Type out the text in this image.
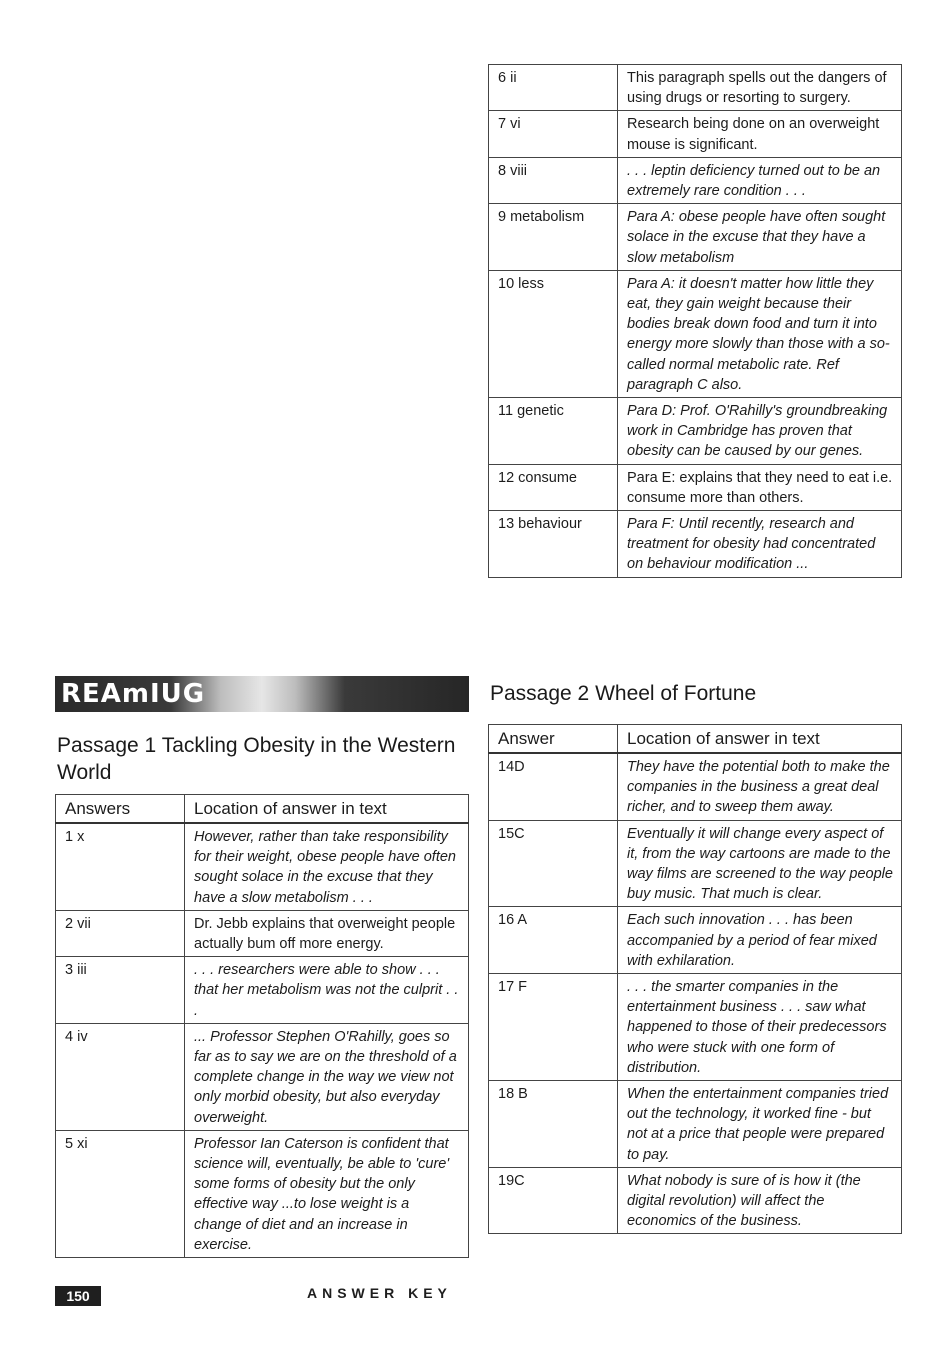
6 ii	This paragraph spells out the dangers of using drugs or resorting to surgery.
7 vi	Research being done on an overweight mouse is significant.
8 viii	. . . leptin deficiency turned out to be an extremely rare condition . . .
9 metabolism	Para A: obese people have often sought solace in the excuse that they have a slow metabolism
10 less	Para A: it doesn't matter how little they eat, they gain weight because their bodies break down food and turn it into energy more slowly than those with a so-called normal metabolic rate. Ref paragraph C also.
11 genetic	Para D: Prof. O'Rahilly's groundbreaking work in Cambridge has proven that obesity can be caused by our genes.
12 consume	Para E: explains that they need to eat i.e. consume more than others.
13 behaviour	Para F: Until recently, research and treatment for obesity had concentrated on behaviour modification ...
REAmIUG
Passage 1 Tackling Obesity in the Western World
Answers	Location of answer in text
1 x	However, rather than take responsibility for their weight, obese people have often sought solace in the excuse that they have a slow metabolism . . .
2 vii	Dr. Jebb explains that overweight people actually bum off more energy.
3 iii	. . . researchers were able to show . . . that her metabolism was not the culprit . . .
4 iv	... Professor Stephen O'Rahilly, goes so far as to say we are on the threshold of a complete change in the way we view not only morbid obesity, but also everyday overweight.
5 xi	Professor Ian Caterson is confident that science will, eventually, be able to 'cure' some forms of obesity but the only effective way ...to lose weight is a change of diet and an increase in exercise.
Passage 2 Wheel of Fortune
Answer	Location of answer in text
14D	They have the potential both to make the companies in the business a great deal richer, and to sweep them away.
15C	Eventually it will change every aspect of it, from the way cartoons are made to the way films are screened to the way people buy music. That much is clear.
16 A	Each such innovation . . . has been accompanied by a period of fear mixed with exhilaration.
17 F	. . . the smarter companies in the entertainment business . . . saw what happened to those of their predecessors who were stuck with one form of distribution.
18 B	When the entertainment companies tried out the technology, it worked fine - but not at a price that people were prepared to pay.
19C	What nobody is sure of is how it (the digital revolution) will affect the economics of the business.
150	ANSWER KEY
